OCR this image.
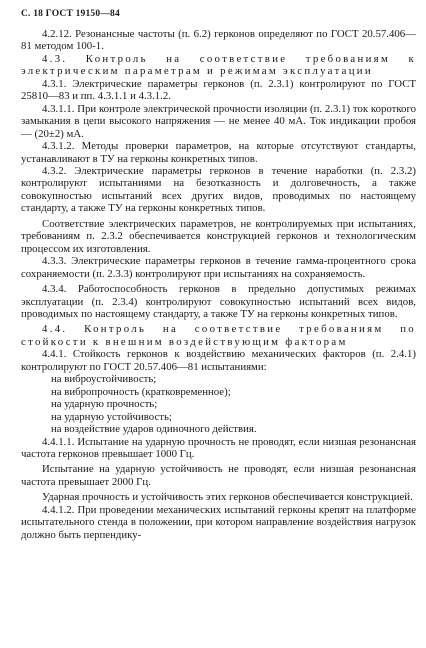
С. 18 ГОСТ 19150—84

4.2.12. Резонансные частоты (п. 6.2) герконов определяют по ГОСТ 20.57.406—81 методом 100-1.

4.3. Контроль на соответствие требованиям к электрическим параметрам и режимам эксплуатации

4.3.1. Электрические параметры герконов (п. 2.3.1) контролируют по ГОСТ 25810—83 и пп. 4.3.1.1 и 4.3.1.2.

4.3.1.1. При контроле электрической прочности изоляции (п. 2.3.1) ток короткого замыкания в цепи высокого напряжения — не менее 40 мА. Ток индикации пробоя — (20±2) мА.

4.3.1.2. Методы проверки параметров, на которые отсутствуют стандарты, устанавливают в ТУ на герконы конкретных типов.

4.3.2. Электрические параметры герконов в течение наработки (п. 2.3.2) контролируют испытаниями на безотказность и долговечность, а также совокупностью испытаний всех других видов, проводимых по настоящему стандарту, а также ТУ на герконы конкретных типов.

Соответствие электрических параметров, не контролируемых при испытаниях, требованиям п. 2.3.2 обеспечивается конструкцией герконов и технологическим процессом их изготовления.

4.3.3. Электрические параметры герконов в течение гамма-процентного срока сохраняемости (п. 2.3.3) контролируют при испытаниях на сохраняемость.

4.3.4. Работоспособность герконов в предельно допустимых режимах эксплуатации (п. 2.3.4) контролируют совокупностью испытаний всех видов, проводимых по настоящему стандарту, а также ТУ на герконы конкретных типов.

4.4. Контроль на соответствие требованиям по стойкости к внешним воздействующим факторам

4.4.1. Стойкость герконов к воздействию механических факторов (п. 2.4.1) контролируют по ГОСТ 20.57.406—81 испытаниями:

на виброустойчивость;

на вибропрочность (кратковременное);

на ударную прочность;

на ударную устойчивость;

на воздействие ударов одиночного действия.

4.4.1.1. Испытание на ударную прочность не проводят, если низшая резонансная частота герконов превышает 1000 Гц.

Испытание на ударную устойчивость не проводят, если низшая резонансная частота превышает 2000 Гц.

Ударная прочность и устойчивость этих герконов обеспечивается конструкцией.

4.4.1.2. При проведении механических испытаний герконы крепят на платформе испытательного стенда в положении, при котором направление воздействия нагрузок должно быть перпендику-
